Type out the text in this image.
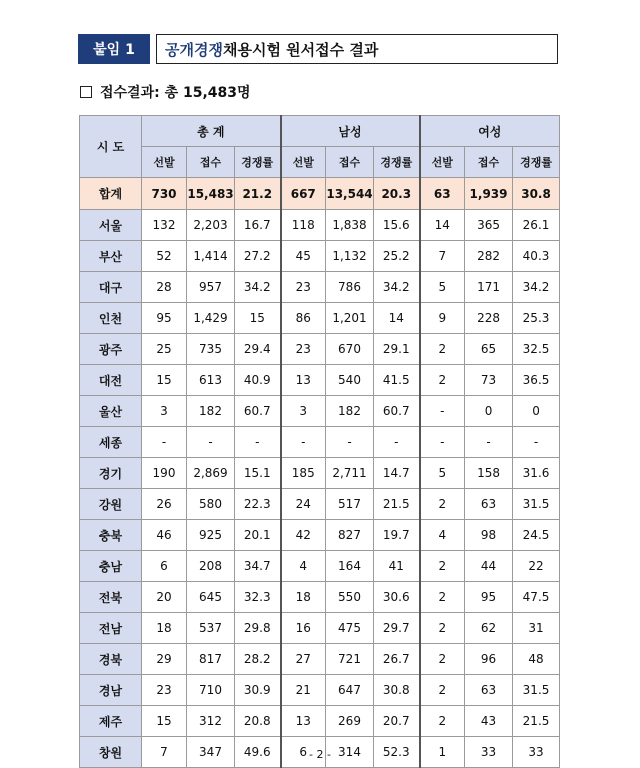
붙임 1	공개경쟁 채용시험 원서접수 결과
접수결과: 총 15,483명
시 도	총 계			남성			여성		
	선발	접수	경쟁률	선발	접수	경쟁률	선발	접수	경쟁률
합계	730	15,483	21.2	667	13,544	20.3	63	1,939	30.8
서울	132	2,203	16.7	118	1,838	15.6	14	365	26.1
부산	52	1,414	27.2	45	1,132	25.2	7	282	40.3
대구	28	957	34.2	23	786	34.2	5	171	34.2
인천	95	1,429	15	86	1,201	14	9	228	25.3
광주	25	735	29.4	23	670	29.1	2	65	32.5
대전	15	613	40.9	13	540	41.5	2	73	36.5
울산	3	182	60.7	3	182	60.7	-	0	0
세종	-	-	-	-	-	-	-	-	-
경기	190	2,869	15.1	185	2,711	14.7	5	158	31.6
강원	26	580	22.3	24	517	21.5	2	63	31.5
충북	46	925	20.1	42	827	19.7	4	98	24.5
충남	6	208	34.7	4	164	41	2	44	22
전북	20	645	32.3	18	550	30.6	2	95	47.5
전남	18	537	29.8	16	475	29.7	2	62	31
경북	29	817	28.2	27	721	26.7	2	96	48
경남	23	710	30.9	21	647	30.8	2	63	31.5
제주	15	312	20.8	13	269	20.7	2	43	21.5
창원	7	347	49.6	6	314	52.3	1	33	33
- 2 -
